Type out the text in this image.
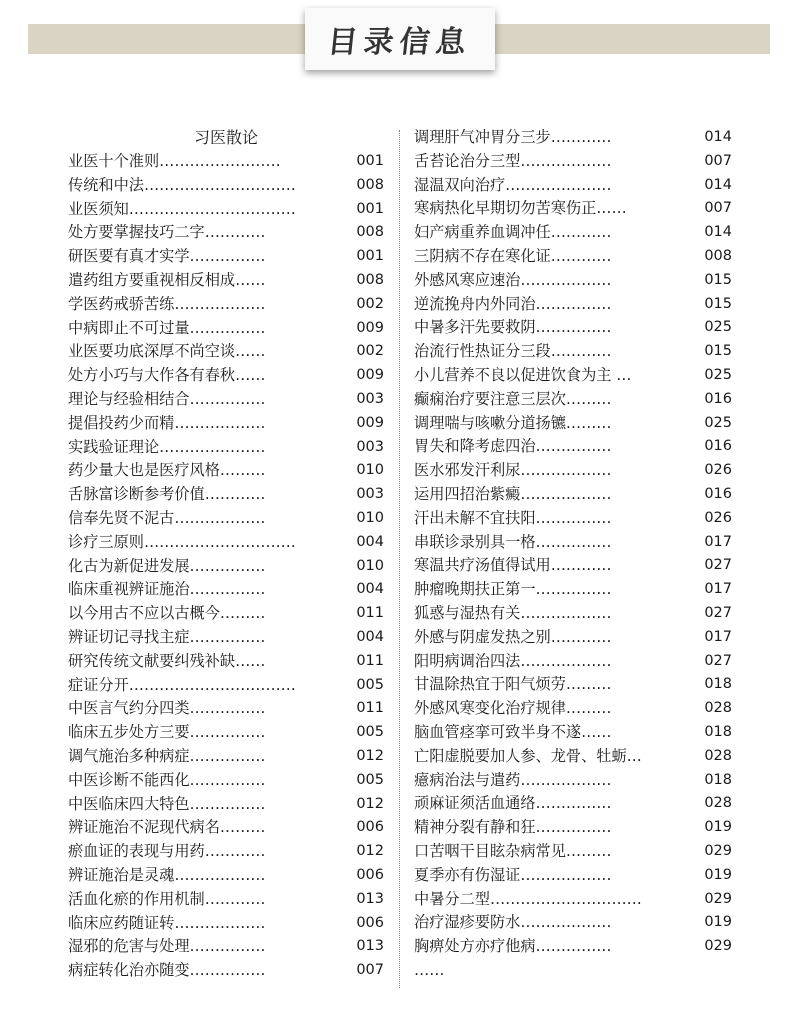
目录信息
习医散论
业医十个准则……………………	001
传统和中法…………………………	008
业医须知……………………………	001
处方要掌握技巧二字…………	008
研医要有真才实学……………	001
遣药组方要重视相反相成……	008
学医药戒骄苦练………………	002
中病即止不可过量……………	009
业医要功底深厚不尚空谈……	002
处方小巧与大作各有春秋……	009
理论与经验相结合……………	003
提倡投药少而精………………	009
实践验证理论…………………	003
药少量大也是医疗风格………	010
舌脉富诊断参考价值…………	003
信奉先贤不泥古………………	010
诊疗三原则…………………………	004
化古为新促进发展……………	010
临床重视辨证施治……………	004
以今用古不应以古概今………	011
辨证切记寻找主症……………	004
研究传统文献要纠残补缺……	011
症证分开……………………………	005
中医言气约分四类……………	011
临床五步处方三要……………	005
调气施治多种病症……………	012
中医诊断不能西化……………	005
中医临床四大特色……………	012
辨证施治不泥现代病名………	006
瘀血证的表现与用药…………	012
辨证施治是灵魂………………	006
活血化瘀的作用机制…………	013
临床应药随证转………………	006
湿邪的危害与处理……………	013
病症转化治亦随变……………	007
调理肝气冲胃分三步…………	014
舌苔论治分三型………………	007
湿温双向治疗…………………	014
寒病热化早期切勿苦寒伤正……	007
妇产病重养血调冲任…………	014
三阴病不存在寒化证…………	008
外感风寒应速治………………	015
逆流挽舟内外同治……………	015
中暑多汗先要救阴……………	025
治流行性热证分三段…………	015
小儿营养不良以促进饮食为主 …	025
癫痫治疗要注意三层次………	016
调理喘与咳嗽分道扬镳………	025
胃失和降考虑四治……………	016
医水邪发汗利尿………………	026
运用四招治紫癜………………	016
汗出未解不宜扶阳……………	026
串联诊录别具一格……………	017
寒温共疗汤值得试用…………	027
肿瘤晚期扶正第一……………	017
狐惑与湿热有关………………	027
外感与阴虚发热之别…………	017
阳明病调治四法………………	027
甘温除热宜于阳气烦劳………	018
外感风寒变化治疗规律………	028
脑血管痉挛可致半身不遂……	018
亡阳虚脱要加人参、龙骨、牡蛎…	028
癔病治法与遣药………………	018
顽麻证须活血通络……………	028
精神分裂有静和狂……………	019
口苦咽干目眩杂病常见………	029
夏季亦有伤湿证………………	019
中暑分二型…………………………	029
治疗湿疹要防水………………	019
胸痹处方亦疗他病……………	029
……
